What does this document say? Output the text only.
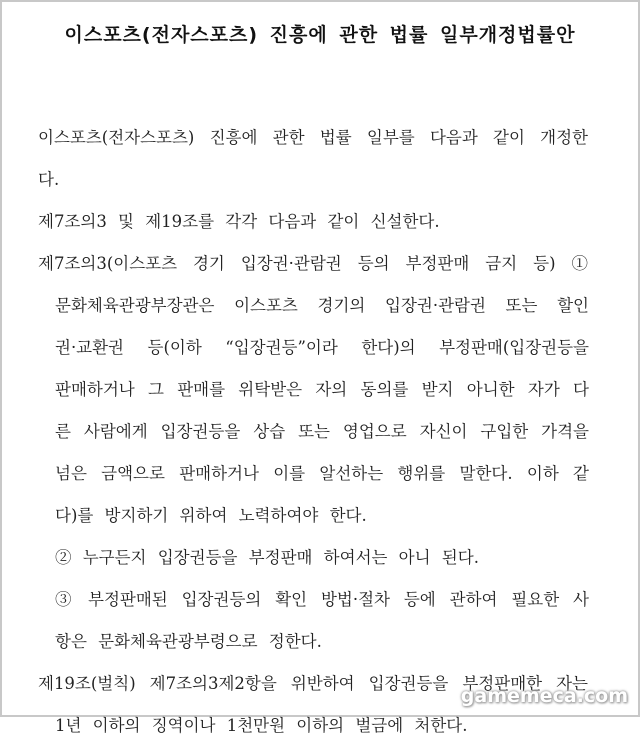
이스포츠(전자스포츠) 진흥에 관한 법률 일부개정법률안
이스포츠(전자스포츠) 진흥에 관한 법률 일부를 다음과 같이 개정한
다.
제7조의3 및 제19조를 각각 다음과 같이 신설한다.
제7조의3(이스포츠 경기 입장권·관람권 등의 부정판매 금지 등) ①
문화체육관광부장관은 이스포츠 경기의 입장권·관람권 또는 할인
권·교환권 등(이하 “입장권등”이라 한다)의 부정판매(입장권등을
판매하거나 그 판매를 위탁받은 자의 동의를 받지 아니한 자가 다
른 사람에게 입장권등을 상습 또는 영업으로 자신이 구입한 가격을
넘은 금액으로 판매하거나 이를 알선하는 행위를 말한다. 이하 같
다)를 방지하기 위하여 노력하여야 한다.
② 누구든지 입장권등을 부정판매 하여서는 아니 된다.
③ 부정판매된 입장권등의 확인 방법·절차 등에 관하여 필요한 사
항은 문화체육관광부령으로 정한다.
제19조(벌칙) 제7조의3제2항을 위반하여 입장권등을 부정판매한 자는
1년 이하의 징역이나 1천만원 이하의 벌금에 처한다.
gamemeca.com
